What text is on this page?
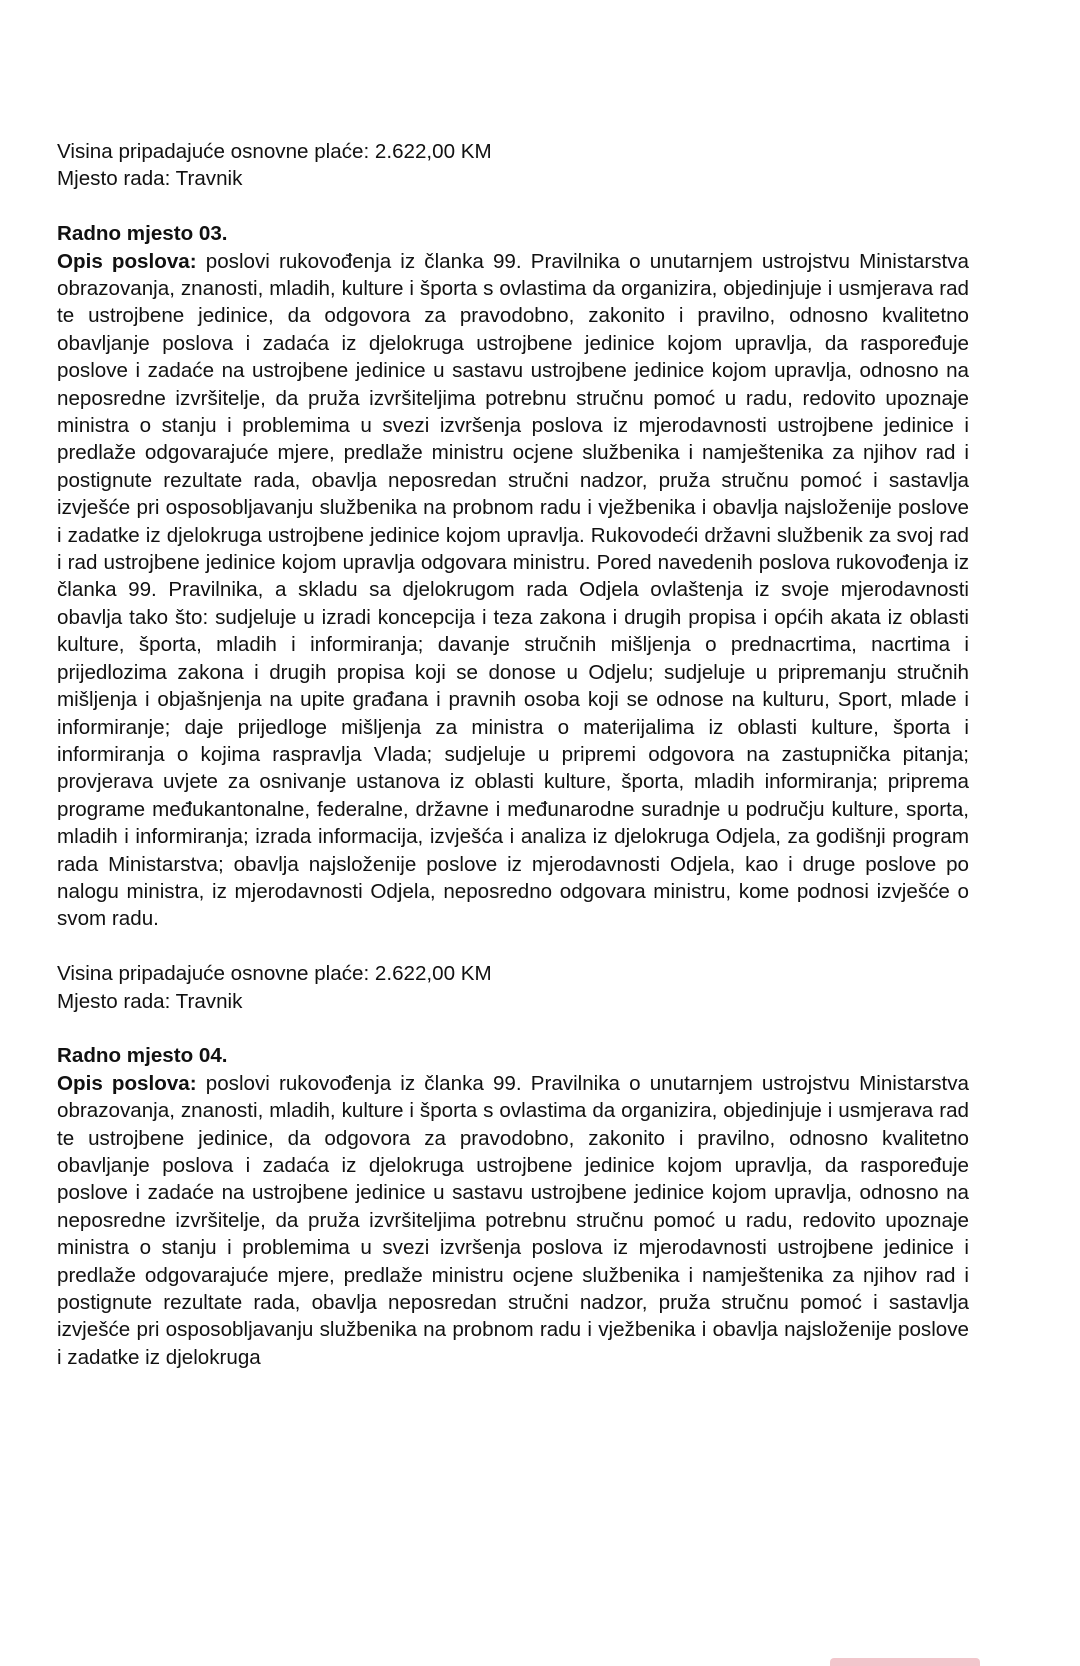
Visina pripadajuće osnovne plaće: 2.622,00 KM
Mjesto rada: Travnik
Radno mjesto 03.

Opis poslova: poslovi rukovođenja iz članka 99. Pravilnika o unutarnjem ustrojstvu Ministarstva obrazovanja, znanosti, mladih, kulture i športa s ovlastima da organizira, objedinjuje i usmjerava rad te ustrojbene jedinice, da odgovora za pravodobno, zakonito i pravilno, odnosno kvalitetno obavljanje poslova i zadaća iz djelokruga ustrojbene jedinice kojom upravlja, da raspoređuje poslove i zadaće na ustrojbene jedinice u sastavu ustrojbene jedinice kojom upravlja, odnosno na neposredne izvršitelje, da pruža izvršiteljima potrebnu stručnu pomoć u radu, redovito upoznaje ministra o stanju i problemima u svezi izvršenja poslova iz mjerodavnosti ustrojbene jedinice i predlaže odgovarajuće mjere, predlaže ministru ocjene službenika i namještenika za njihov rad i postignute rezultate rada, obavlja neposredan stručni nadzor, pruža stručnu pomoć i sastavlja izvješće pri osposobljavanju službenika na probnom radu i vježbenika i obavlja najsloženije poslove i zadatke iz djelokruga ustrojbene jedinice kojom upravlja. Rukovodeći državni službenik za svoj rad i rad ustrojbene jedinice kojom upravlja odgovara ministru. Pored navedenih poslova rukovođenja iz članka 99. Pravilnika, a skladu sa djelokrugom rada Odjela ovlaštenja iz svoje mjerodavnosti obavlja tako što: sudjeluje u izradi koncepcija i teza zakona i drugih propisa i općih akata iz oblasti kulture, športa, mladih i informiranja; davanje stručnih mišljenja o prednacrtima, nacrtima i prijedlozima zakona i drugih propisa koji se donose u Odjelu; sudjeluje u pripremanju stručnih mišljenja i objašnjenja na upite građana i pravnih osoba koji se odnose na kulturu, Sport, mlade i informiranje; daje prijedloge mišljenja za ministra o materijalima iz oblasti kulture, športa i informiranja o kojima raspravlja Vlada; sudjeluje u pripremi odgovora na zastupnička pitanja; provjerava uvjete za osnivanje ustanova iz oblasti kulture, športa, mladih informiranja; priprema programe međukantonalne, federalne, državne i međunarodne suradnje u području kulture, sporta, mladih i informiranja; izrada informacija, izvješća i analiza iz djelokruga Odjela, za godišnji program rada Ministarstva; obavlja najsloženije poslove iz mjerodavnosti Odjela, kao i druge poslove po nalogu ministra, iz mjerodavnosti Odjela, neposredno odgovara ministru, kome podnosi izvješće o svom radu.

Visina pripadajuće osnovne plaće: 2.622,00 KM
Mjesto rada: Travnik
Radno mjesto 04.

Opis poslova: poslovi rukovođenja iz članka 99. Pravilnika o unutarnjem ustrojstvu Ministarstva obrazovanja, znanosti, mladih, kulture i športa s ovlastima da organizira, objedinjuje i usmjerava rad te ustrojbene jedinice, da odgovora za pravodobno, zakonito i pravilno, odnosno kvalitetno obavljanje poslova i zadaća iz djelokruga ustrojbene jedinice kojom upravlja, da raspoređuje poslove i zadaće na ustrojbene jedinice u sastavu ustrojbene jedinice kojom upravlja, odnosno na neposredne izvršitelje, da pruža izvršiteljima potrebnu stručnu pomoć u radu, redovito upoznaje ministra o stanju i problemima u svezi izvršenja poslova iz mjerodavnosti ustrojbene jedinice i predlaže odgovarajuće mjere, predlaže ministru ocjene službenika i namještenika za njihov rad i postignute rezultate rada, obavlja neposredan stručni nadzor, pruža stručnu pomoć i sastavlja izvješće pri osposobljavanju službenika na probnom radu i vježbenika i obavlja najsloženije poslove i zadatke iz djelokruga
